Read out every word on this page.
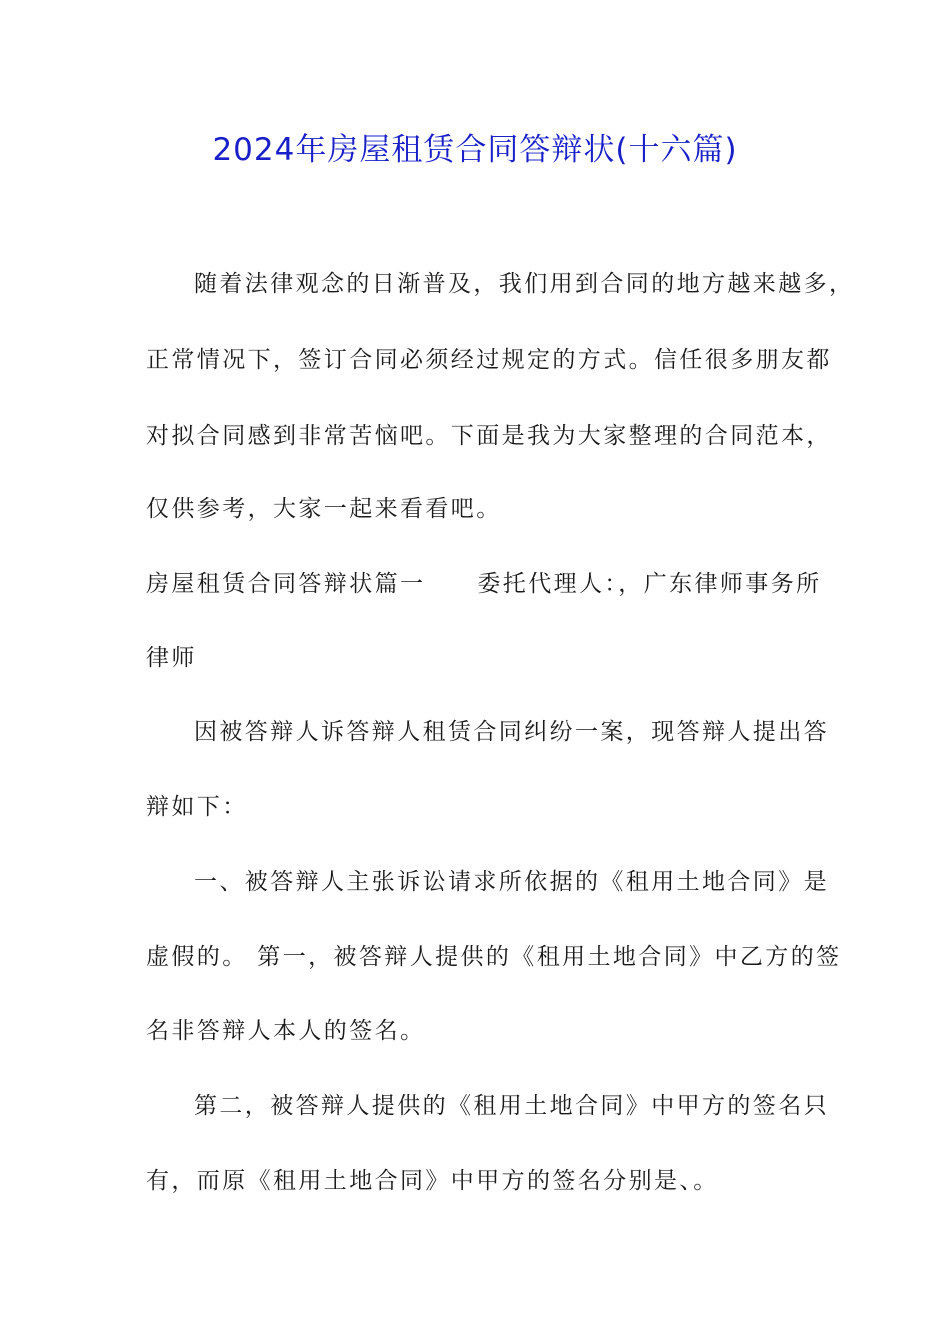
2024年房屋租赁合同答辩状(十六篇)
随着法律观念的日渐普及，我们用到合同的地方越来越多，
正常情况下，签订合同必须经过规定的方式。信任很多朋友都
对拟合同感到非常苦恼吧。下面是我为大家整理的合同范本，
仅供参考，大家一起来看看吧。
房屋租赁合同答辩状篇一 委托代理人：，广东律师事务所
律师
因被答辩人诉答辩人租赁合同纠纷一案，现答辩人提出答
辩如下：
一、被答辩人主张诉讼请求所依据的《租用土地合同》是
虚假的。 第一，被答辩人提供的《租用土地合同》中乙方的签
名非答辩人本人的签名。
第二，被答辩人提供的《租用土地合同》中甲方的签名只
有，而原《租用土地合同》中甲方的签名分别是、。
